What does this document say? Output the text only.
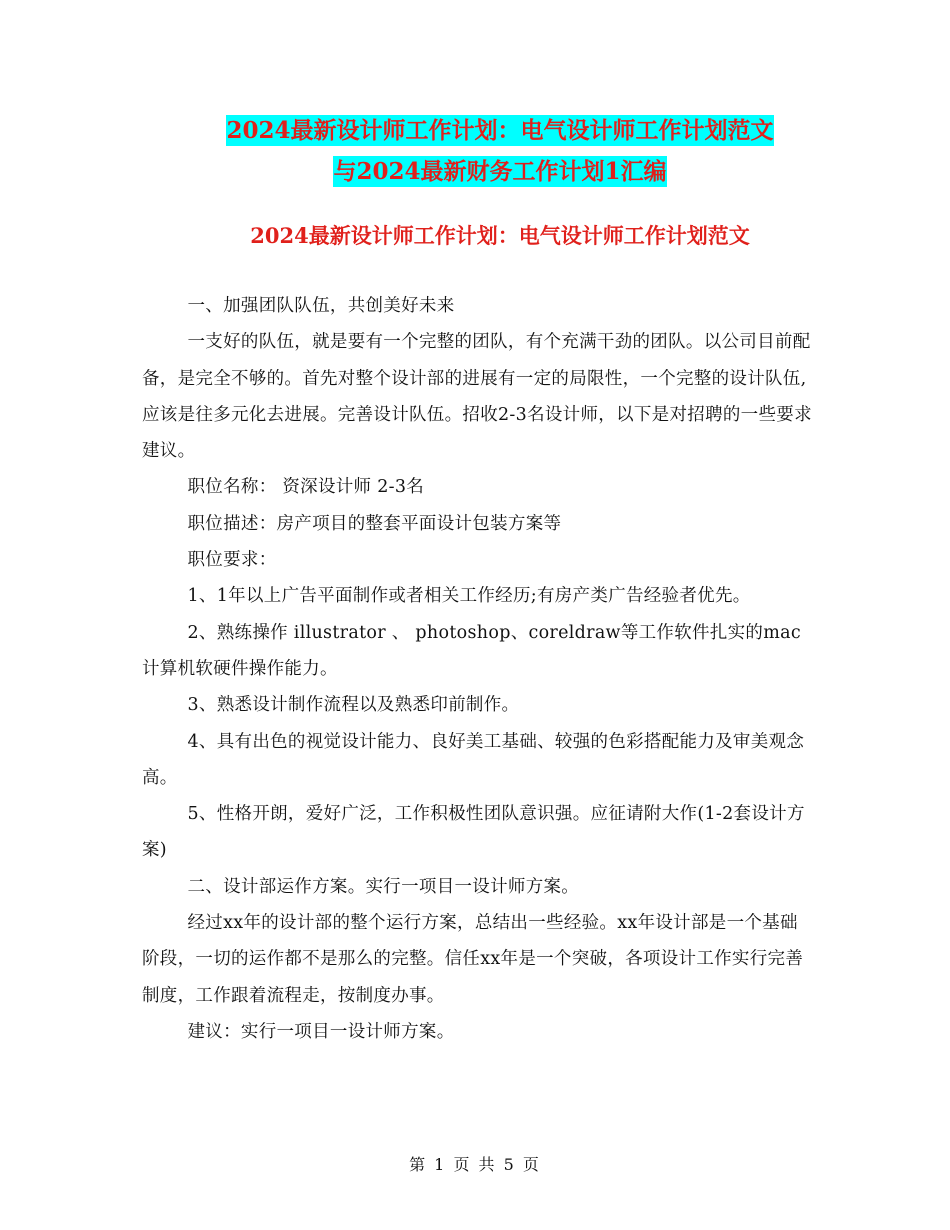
2024最新设计师工作计划：电气设计师工作计划范文
与2024最新财务工作计划1汇编
2024最新设计师工作计划：电气设计师工作计划范文

一、加强团队队伍，共创美好未来

一支好的队伍，就是要有一个完整的团队，有个充满干劲的团队。以公司目前配备，是完全不够的。首先对整个设计部的进展有一定的局限性，一个完整的设计队伍,应该是往多元化去进展。完善设计队伍。招收2-3名设计师，以下是对招聘的一些要求建议。

职位名称： 资深设计师 2-3名

职位描述：房产项目的整套平面设计包装方案等

职位要求：

1、1年以上广告平面制作或者相关工作经历;有房产类广告经验者优先。

2、熟练操作 illustrator 、 photoshop、coreldraw等工作软件扎实的mac计算机软硬件操作能力。

3、熟悉设计制作流程以及熟悉印前制作。

4、具有出色的视觉设计能力、良好美工基础、较强的色彩搭配能力及审美观念高。

5、性格开朗，爱好广泛，工作积极性团队意识强。应征请附大作(1-2套设计方案)

二、设计部运作方案。实行一项目一设计师方案。

经过xx年的设计部的整个运行方案，总结出一些经验。xx年设计部是一个基础阶段，一切的运作都不是那么的完整。信任xx年是一个突破，各项设计工作实行完善制度，工作跟着流程走，按制度办事。

建议：实行一项目一设计师方案。

第 1 页 共 5 页
